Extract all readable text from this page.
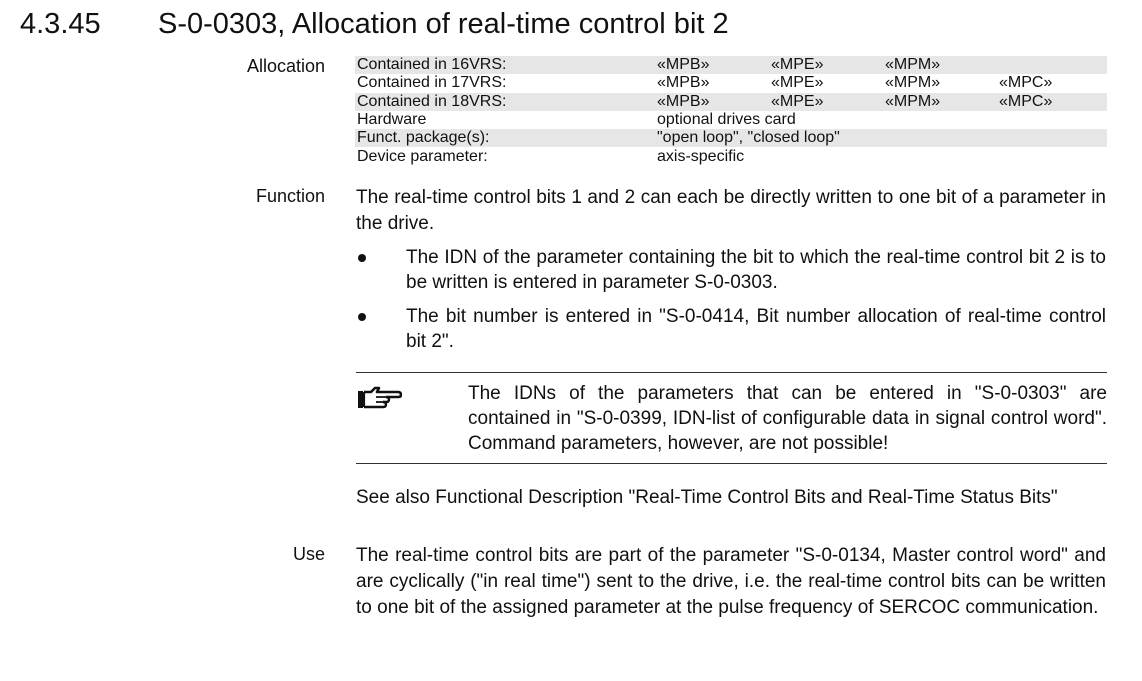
4.3.45 S-0-0303, Allocation of real-time control bit 2
Allocation Contained in 16VRS:	«MPB»	«MPE»	«MPM»	
Contained in 17VRS:	«MPB»	«MPE»	«MPM»	«MPC»
Contained in 18VRS:	«MPB»	«MPE»	«MPM»	«MPC»
Hardware	optional drives card			
Funct. package(s):	"open loop", "closed loop"			
Device parameter:	axis-specific			
Function The real-time control bits 1 and 2 can each be directly written to one bit of a parameter in the drive.
The IDN of the parameter containing the bit to which the real-time control bit 2 is to be written is entered in parameter S-0-0303.
The bit number is entered in "S-0-0414, Bit number allocation of real-time control bit 2".
The IDNs of the parameters that can be entered in "S-0-0303" are contained in "S-0-0399, IDN-list of configurable data in signal control word". Command parameters, however, are not possible!
See also Functional Description "Real-Time Control Bits and Real-Time Status Bits"
Use The real-time control bits are part of the parameter "S-0-0134, Master control word" and are cyclically ("in real time") sent to the drive, i.e. the real-time control bits can be written to one bit of the assigned parameter at the pulse frequency of SERCOC communication.
